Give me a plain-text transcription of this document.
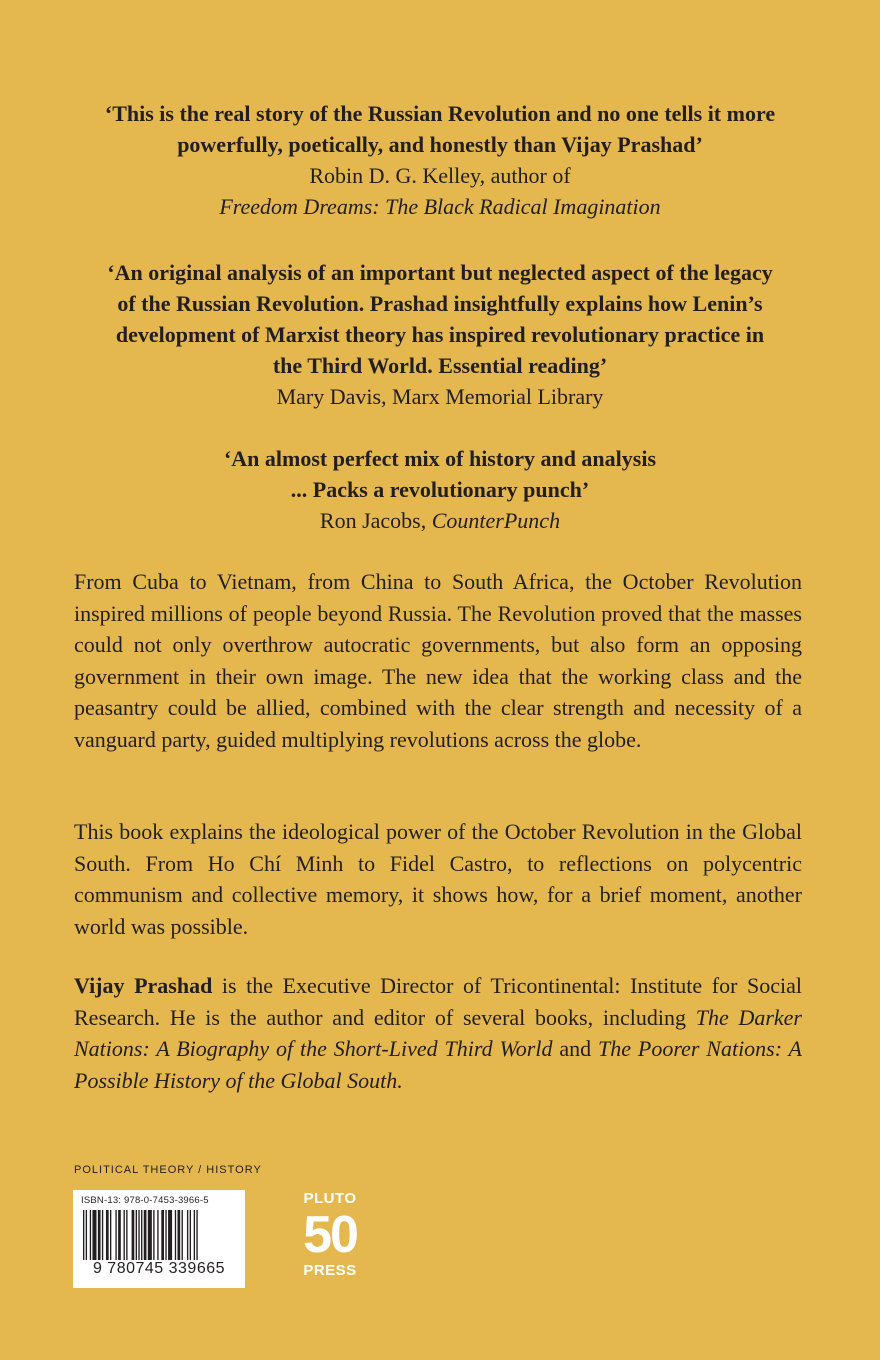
‘This is the real story of the Russian Revolution and no one tells it more
powerfully, poetically, and honestly than Vijay Prashad’
Robin D. G. Kelley, author of
Freedom Dreams: The Black Radical Imagination
‘An original analysis of an important but neglected aspect of the legacy
of the Russian Revolution. Prashad insightfully explains how Lenin’s
development of Marxist theory has inspired revolutionary practice in
the Third World. Essential reading’
Mary Davis, Marx Memorial Library
‘An almost perfect mix of history and analysis
... Packs a revolutionary punch’
Ron Jacobs, CounterPunch

From Cuba to Vietnam, from China to South Africa, the October Revolution inspired millions of people beyond Russia. The Revolution proved that the masses could not only overthrow autocratic governments, but also form an opposing government in their own image. The new idea that the working class and the peasantry could be allied, combined with the clear strength and necessity of a vanguard party, guided multiplying revolutions across the globe.

This book explains the ideological power of the October Revolution in the Global South. From Ho Chí Minh to Fidel Castro, to reflections on polycentric communism and collective memory, it shows how, for a brief moment, another world was possible.

Vijay Prashad is the Executive Director of Tricontinental: Institute for Social Research. He is the author and editor of several books, including The Darker Nations: A Biography of the Short-Lived Third World and The Poorer Nations: A Possible History of the Global South.

POLITICAL THEORY / HISTORY
ISBN-13: 978-0-7453-3966-5
9 780745 339665
PLUTO
50
PRESS
